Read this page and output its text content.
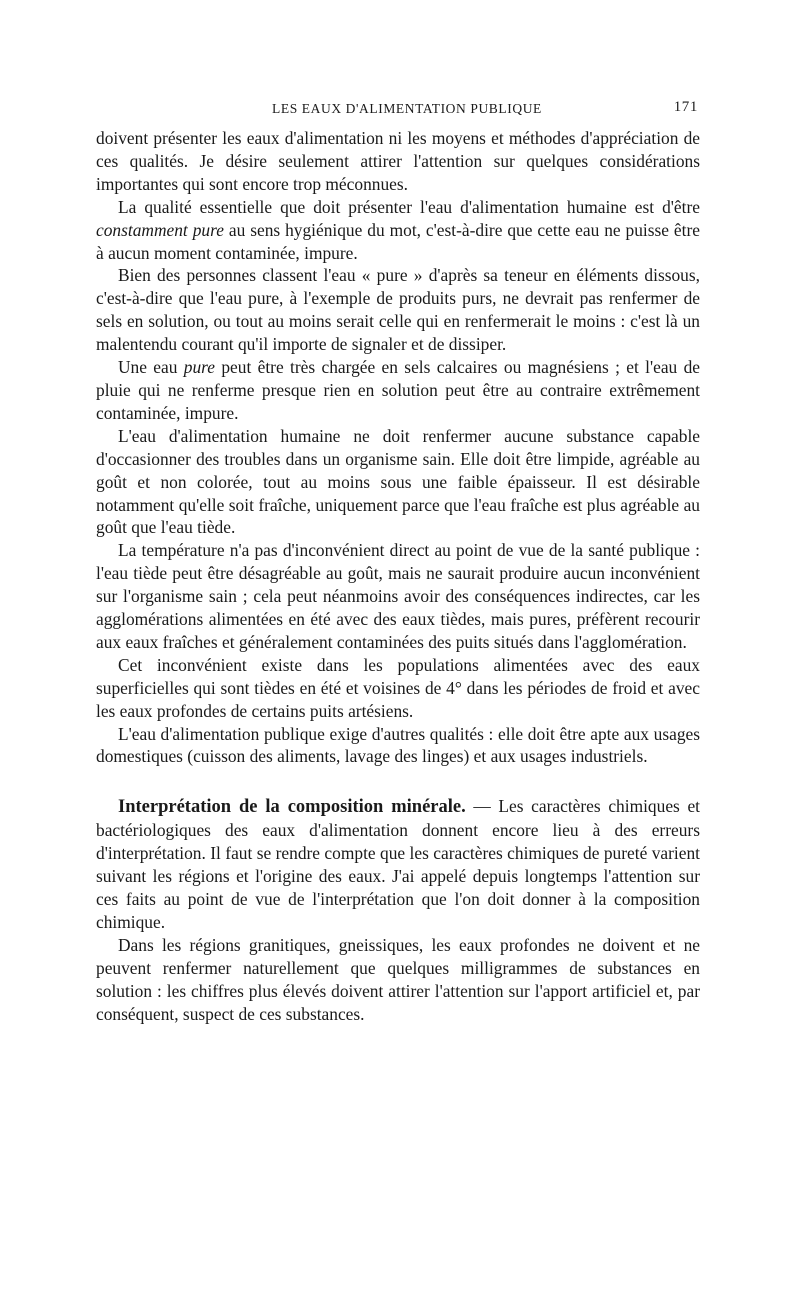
LES EAUX D'ALIMENTATION PUBLIQUE	171

doivent présenter les eaux d'alimentation ni les moyens et méthodes d'appréciation de ces qualités. Je désire seulement attirer l'attention sur quelques considérations importantes qui sont encore trop méconnues.

La qualité essentielle que doit présenter l'eau d'alimentation humaine est d'être constamment pure au sens hygiénique du mot, c'est-à-dire que cette eau ne puisse être à aucun moment contaminée, impure.

Bien des personnes classent l'eau « pure » d'après sa teneur en éléments dissous, c'est-à-dire que l'eau pure, à l'exemple de produits purs, ne devrait pas renfermer de sels en solution, ou tout au moins serait celle qui en renfermerait le moins : c'est là un malentendu courant qu'il importe de signaler et de dissiper.

Une eau pure peut être très chargée en sels calcaires ou magnésiens ; et l'eau de pluie qui ne renferme presque rien en solution peut être au contraire extrêmement contaminée, impure.

L'eau d'alimentation humaine ne doit renfermer aucune substance capable d'occasionner des troubles dans un organisme sain. Elle doit être limpide, agréable au goût et non colorée, tout au moins sous une faible épaisseur. Il est désirable notamment qu'elle soit fraîche, uniquement parce que l'eau fraîche est plus agréable au goût que l'eau tiède.

La température n'a pas d'inconvénient direct au point de vue de la santé publique : l'eau tiède peut être désagréable au goût, mais ne saurait produire aucun inconvénient sur l'organisme sain ; cela peut néanmoins avoir des conséquences indirectes, car les agglomérations alimentées en été avec des eaux tièdes, mais pures, préfèrent recourir aux eaux fraîches et généralement contaminées des puits situés dans l'agglomération.

Cet inconvénient existe dans les populations alimentées avec des eaux superficielles qui sont tièdes en été et voisines de 4° dans les périodes de froid et avec les eaux profondes de certains puits artésiens.

L'eau d'alimentation publique exige d'autres qualités : elle doit être apte aux usages domestiques (cuisson des aliments, lavage des linges) et aux usages industriels.

Interprétation de la composition minérale. — Les caractères chimiques et bactériologiques des eaux d'alimentation donnent encore lieu à des erreurs d'interprétation. Il faut se rendre compte que les caractères chimiques de pureté varient suivant les régions et l'origine des eaux. J'ai appelé depuis longtemps l'attention sur ces faits au point de vue de l'interprétation que l'on doit donner à la composition chimique.

Dans les régions granitiques, gneissiques, les eaux profondes ne doivent et ne peuvent renfermer naturellement que quelques milligrammes de substances en solution : les chiffres plus élevés doivent attirer l'attention sur l'apport artificiel et, par conséquent, suspect de ces substances.
